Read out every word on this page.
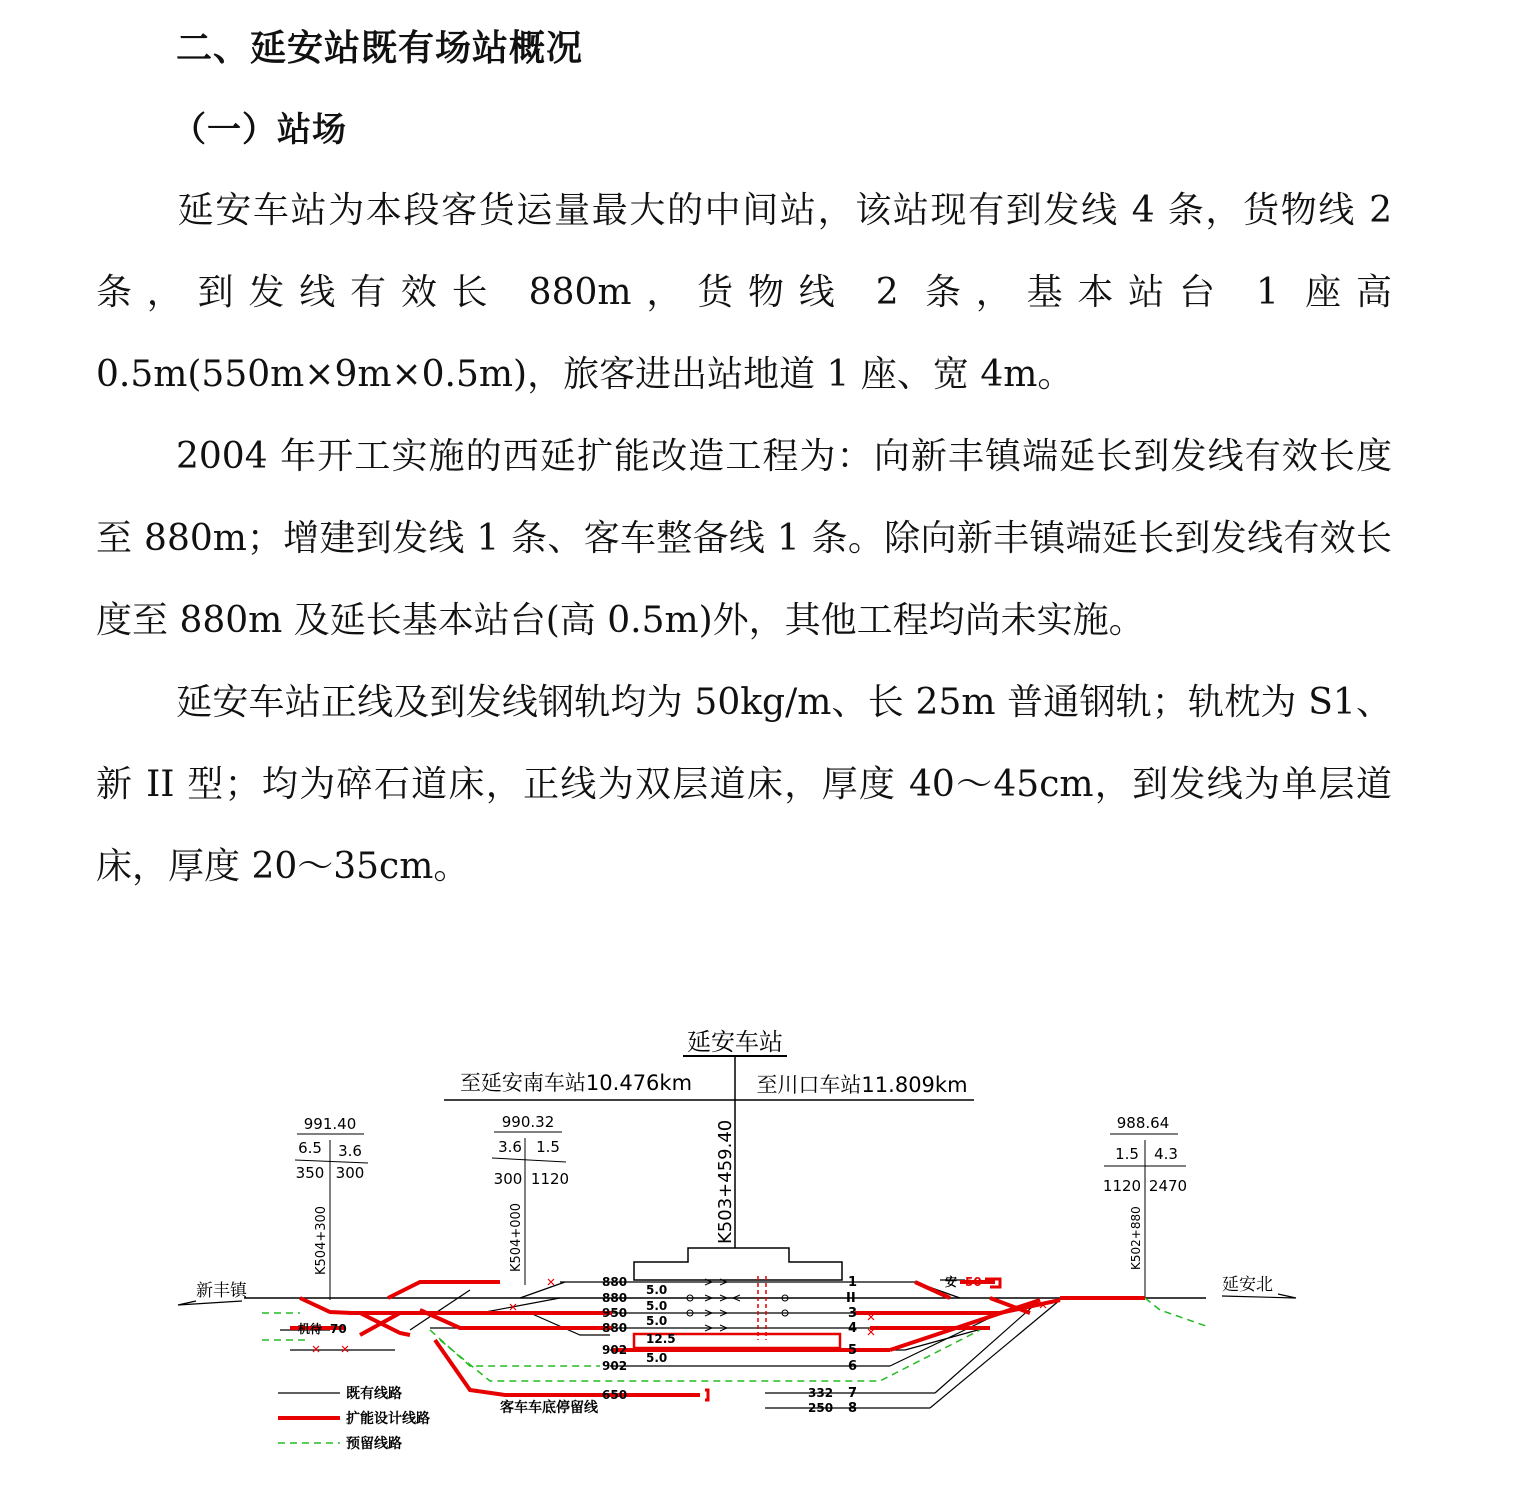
二、延安站既有场站概况
（一）站场

延安车站为本段客货运量最大的中间站，该站现有到发线 4 条，货物线 2 条，到发线有效长 880m，货物线 2 条，基本站台 1 座高 0.5m(550m×9m×0.5m)，旅客进出站地道 1 座、宽 4m。

2004 年开工实施的西延扩能改造工程为：向新丰镇端延长到发线有效长度至 880m；增建到发线 1 条、客车整备线 1 条。除向新丰镇端延长到发线有效长度至 880m 及延长基本站台(高 0.5m)外，其他工程均尚未实施。

延安车站正线及到发线钢轨均为 50kg/m、长 25m 普通钢轨；轨枕为 S1、新 II 型；均为碎石道床，正线为双层道床，厚度 40～45cm，到发线为单层道床，厚度 20～35cm。

延安车站
至延安南车站10.476km	至川口车站11.809km
K503+459.40
991.40
6.5 3.6
350 300
K504+300
990.32
3.6 1.5
300 1120
K504+000
988.64
1.5 4.3
1120 2470
K502+880
新丰镇	延安北
880
880
950
880
902
902
650
5.0
5.0
5.0
12.5
5.0
1
II
3
4
5
6
7
8
332
250
50
70
机待
安
客车车底停留线
既有线路
扩能设计线路
预留线路
